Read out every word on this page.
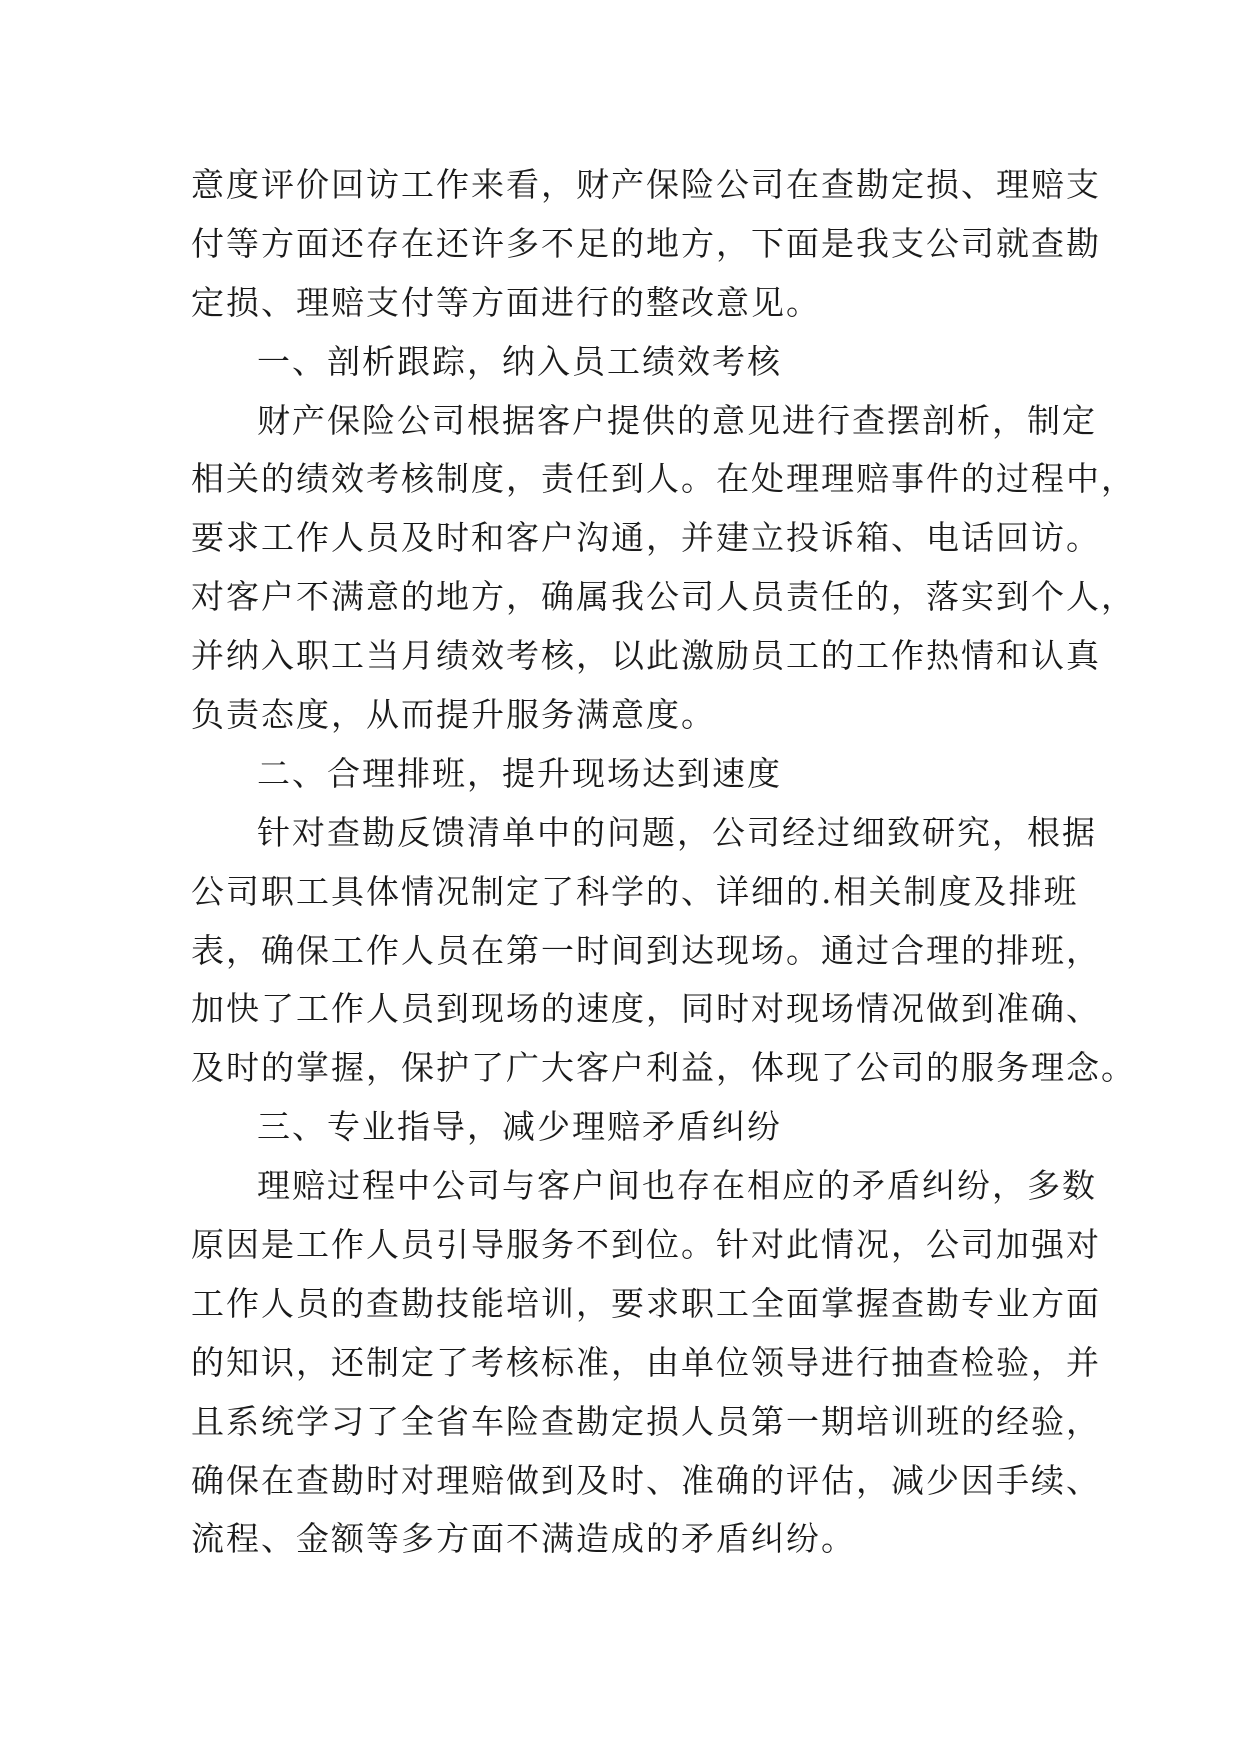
意度评价回访工作来看，财产保险公司在查勘定损、理赔支
付等方面还存在还许多不足的地方，下面是我支公司就查勘
定损、理赔支付等方面进行的整改意见。
一、剖析跟踪，纳入员工绩效考核
财产保险公司根据客户提供的意见进行查摆剖析，制定
相关的绩效考核制度，责任到人。在处理理赔事件的过程中，
要求工作人员及时和客户沟通，并建立投诉箱、电话回访。
对客户不满意的地方，确属我公司人员责任的，落实到个人，
并纳入职工当月绩效考核，以此激励员工的工作热情和认真
负责态度，从而提升服务满意度。
二、合理排班，提升现场达到速度
针对查勘反馈清单中的问题，公司经过细致研究，根据
公司职工具体情况制定了科学的、详细的.相关制度及排班
表，确保工作人员在第一时间到达现场。通过合理的排班，
加快了工作人员到现场的速度，同时对现场情况做到准确、
及时的掌握，保护了广大客户利益，体现了公司的服务理念。
三、专业指导，减少理赔矛盾纠纷
理赔过程中公司与客户间也存在相应的矛盾纠纷，多数
原因是工作人员引导服务不到位。针对此情况，公司加强对
工作人员的查勘技能培训，要求职工全面掌握查勘专业方面
的知识，还制定了考核标准，由单位领导进行抽查检验，并
且系统学习了全省车险查勘定损人员第一期培训班的经验，
确保在查勘时对理赔做到及时、准确的评估，减少因手续、
流程、金额等多方面不满造成的矛盾纠纷。
